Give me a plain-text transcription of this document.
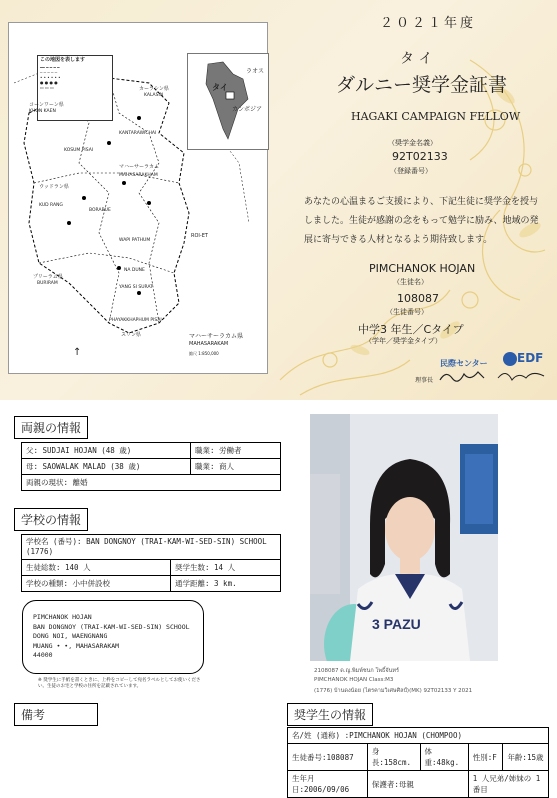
この地図を表します
━━ ━ ━ ━ ━
─ ─ ─ ─ ─
• • • • • •
● ● ● ●
▭ ▭ ▭
ラオス
タイ
カンボジア
コーンワーン県
KHON KAEN
カーラシン県
KALASIN
KANTARAWICHAI
マハーサーラカム
MAHASARAKHAM
KOSUM PISAI
ウッドラン県
KUD RANG
BORABUE
WAPI PATHUM
NA DUNE
YANG SI SURAT
PHAYAKKHAPHUM PISAI
BURIRAM
ROI-ET
プリーラム県
スリン県	マハーサーラカム県
MAHASARAKAM
縮尺 1:850,000
↑
２０２１年度
タ イ
ダルニー奨学金証書
HAGAKI CAMPAIGN FELLOW
（奨学金名義）
92T02133
（登録番号）
あなたの心温まるご支援により、下記生徒に奨学金を授与しました。生徒が感謝の念をもって勉学に励み、地域の発展に寄与できる人材となるよう期待致します。
PIMCHANOK HOJAN
（生徒名）
108087
（生徒番号）
中学3 年生／Cタイプ
（学年／奨学金タイプ）
民際センター
理事長
EDF
両親の情報
父: SUDJAI HOJAN (48 歳)	職業: 労働者
母: SAOWALAK MALAD (38 歳)	職業: 商人
両親の現状: 離婚	
学校の情報
学校名 (番号): BAN DONGNOY (TRAI-KAM-WI-SED-SIN) SCHOOL (1776)	
生徒総数: 140 人	奨学生数: 14 人
学校の種類: 小中併設校	通学距離: 3 km.
PIMCHANOK HOJAN
BAN DONGNOY (TRAI-KAM-WI-SED-SIN) SCHOOL
DONG NOI, WAENGNANG
MUANG • •, MAHASARAKAM
44000
※ 奨学生に手紙を書くときに、上枠をコピーして宛名ラベルとしてお使いください。生徒のお宅と学校の住所を記載されています。
3 PAZU
2108087 ด.ญ.พิมพ์ชนก โพธิ์จันทร์
PIMCHANOK HOJAN Class:M3
(1776) บ้านดงน้อย (ไตรคามวิเศษศิลป์)(MK) 92T02133 Y 2021
備考	奨学生の情報
名/姓 (通称) :PIMCHANOK HOJAN (CHOMPOO)				
生徒番号:108087	身長:158cm.	体重:48kg.	性別:F	年齢:15歳
生年月日:2006/09/06	保護者:母親		1 人兄弟/姉妹の 1 番目	
